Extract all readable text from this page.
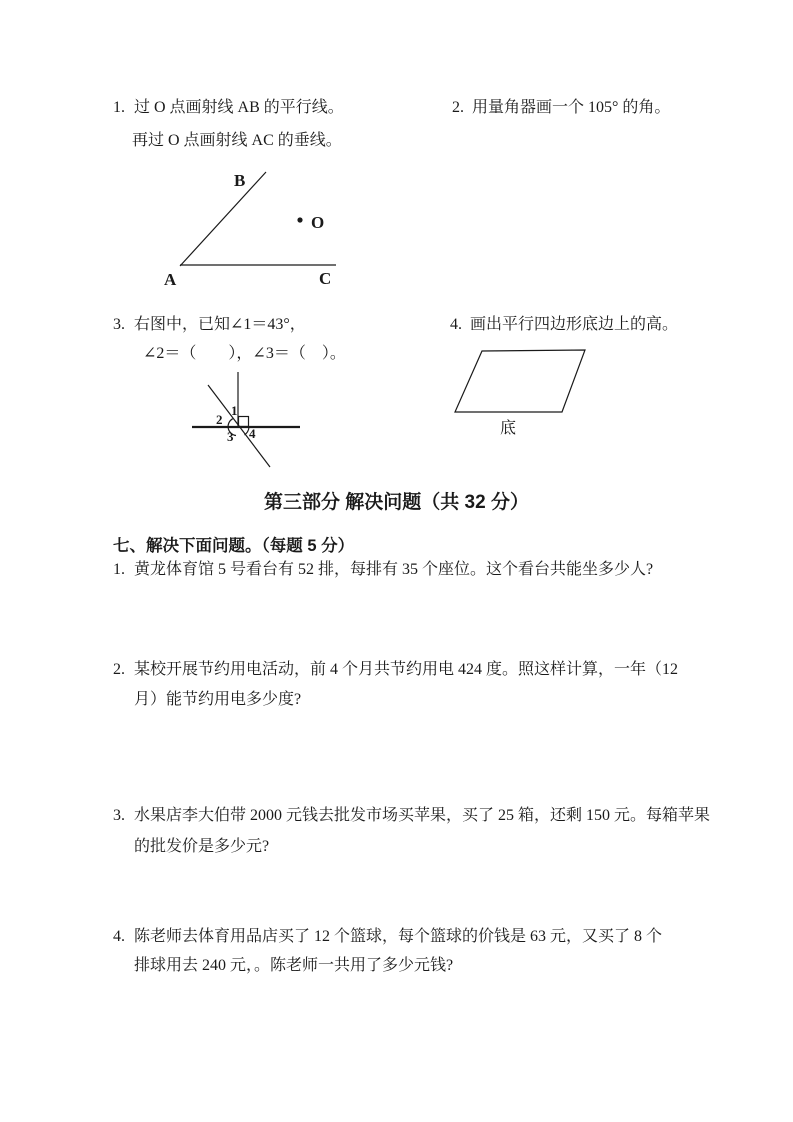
1. 过 O 点画射线 AB 的平行线。	2. 用量角器画一个 105° 的角。
再过 O 点画射线 AC 的垂线。
B
A	C
O
3. 右图中，已知∠1＝43°，	4. 画出平行四边形底边上的高。
∠2＝（　　），∠3＝（　）。
1
2
3 4	底
第三部分 解决问题（共 32 分）
七、解决下面问题。（每题 5 分）
1. 黄龙体育馆 5 号看台有 52 排，每排有 35 个座位。这个看台共能坐多少人?
2. 某校开展节约用电活动，前 4 个月共节约用电 424 度。照这样计算，一年（12
月）能节约用电多少度?
3. 水果店李大伯带 2000 元钱去批发市场买苹果，买了 25 箱，还剩 150 元。每箱苹果
的批发价是多少元?
4. 陈老师去体育用品店买了 12 个篮球，每个篮球的价钱是 63 元，又买了 8 个
排球用去 240 元，。陈老师一共用了多少元钱?
